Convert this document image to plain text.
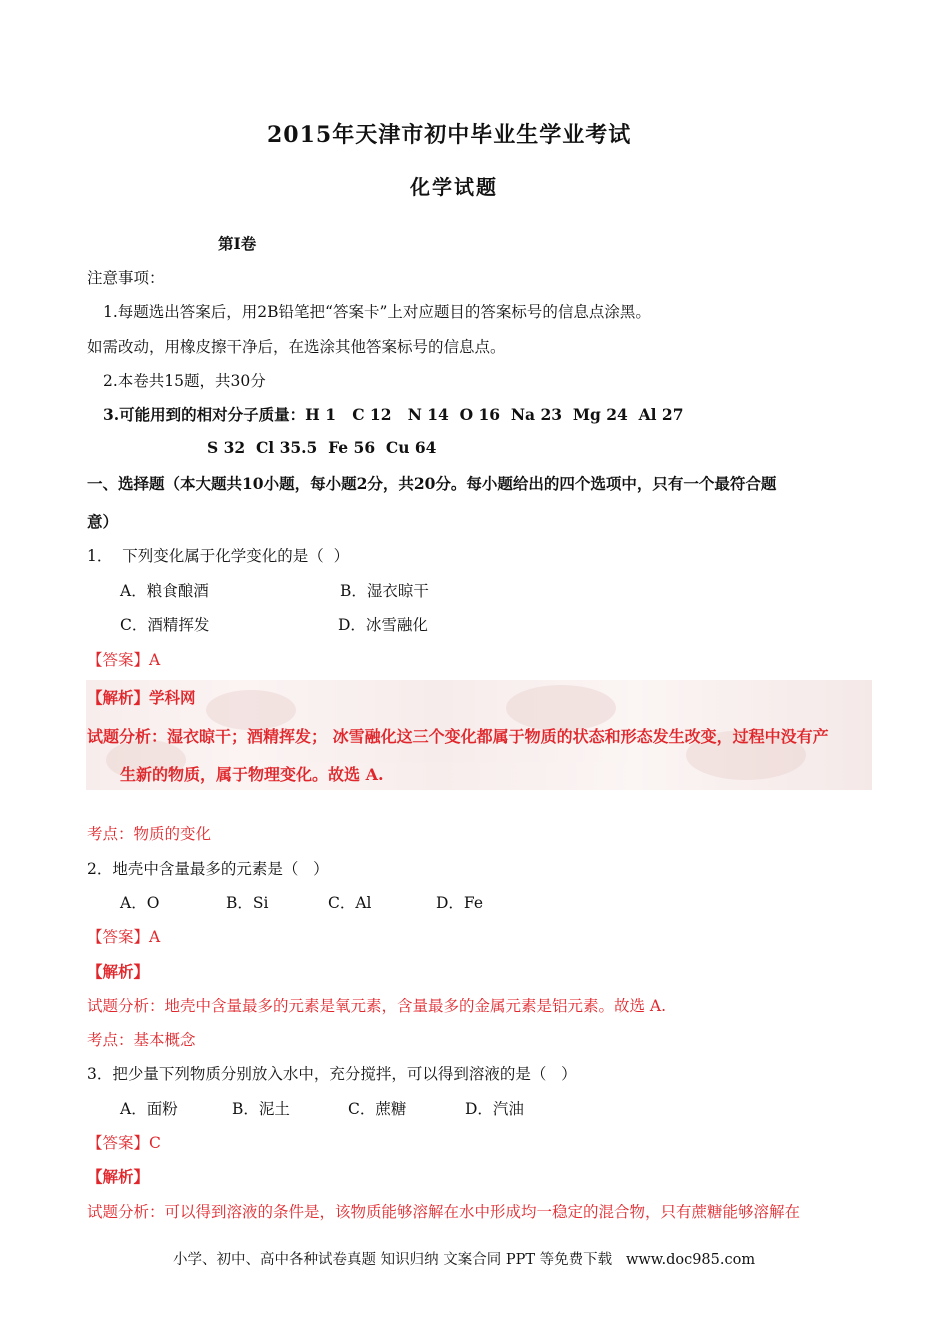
2015年天津市初中毕业生学业考试
化学试题
第I卷
注意事项：
1.每题选出答案后，用2B铅笔把“答案卡”上对应题目的答案标号的信息点涂黑。
如需改动，用橡皮擦干净后，在选涂其他答案标号的信息点。
2.本卷共15题，共30分
3.可能用到的相对分子质量：H 1   C 12   N 14  O 16  Na 23  Mg 24  Al 27
S 32  Cl 35.5  Fe 56  Cu 64
一、选择题（本大题共10小题，每小题2分，共20分。每小题给出的四个选项中，只有一个最符合题
意）
1．  下列变化属于化学变化的是（  ）
A．粮食酿酒	B．湿衣晾干
C．酒精挥发	D．冰雪融化
【答案】A
【解析】学科网
试题分析：湿衣晾干；酒精挥发； 冰雪融化这三个变化都属于物质的状态和形态发生改变，过程中没有产
生新的物质，属于物理变化。故选 A.
考点：物质的变化
2．地壳中含量最多的元素是（   ）
A．O	B．Si	C．Al	D．Fe
【答案】A
【解析】
试题分析：地壳中含量最多的元素是氧元素，含量最多的金属元素是铝元素。故选 A.
考点：基本概念
3．把少量下列物质分别放入水中，充分搅拌，可以得到溶液的是（   ）
A．面粉	B．泥土	C．蔗糖	D．汽油
【答案】C
【解析】
试题分析：可以得到溶液的条件是，该物质能够溶解在水中形成均一稳定的混合物，只有蔗糖能够溶解在
小学、初中、高中各种试卷真题 知识归纳 文案合同 PPT 等免费下载   www.doc985.com
